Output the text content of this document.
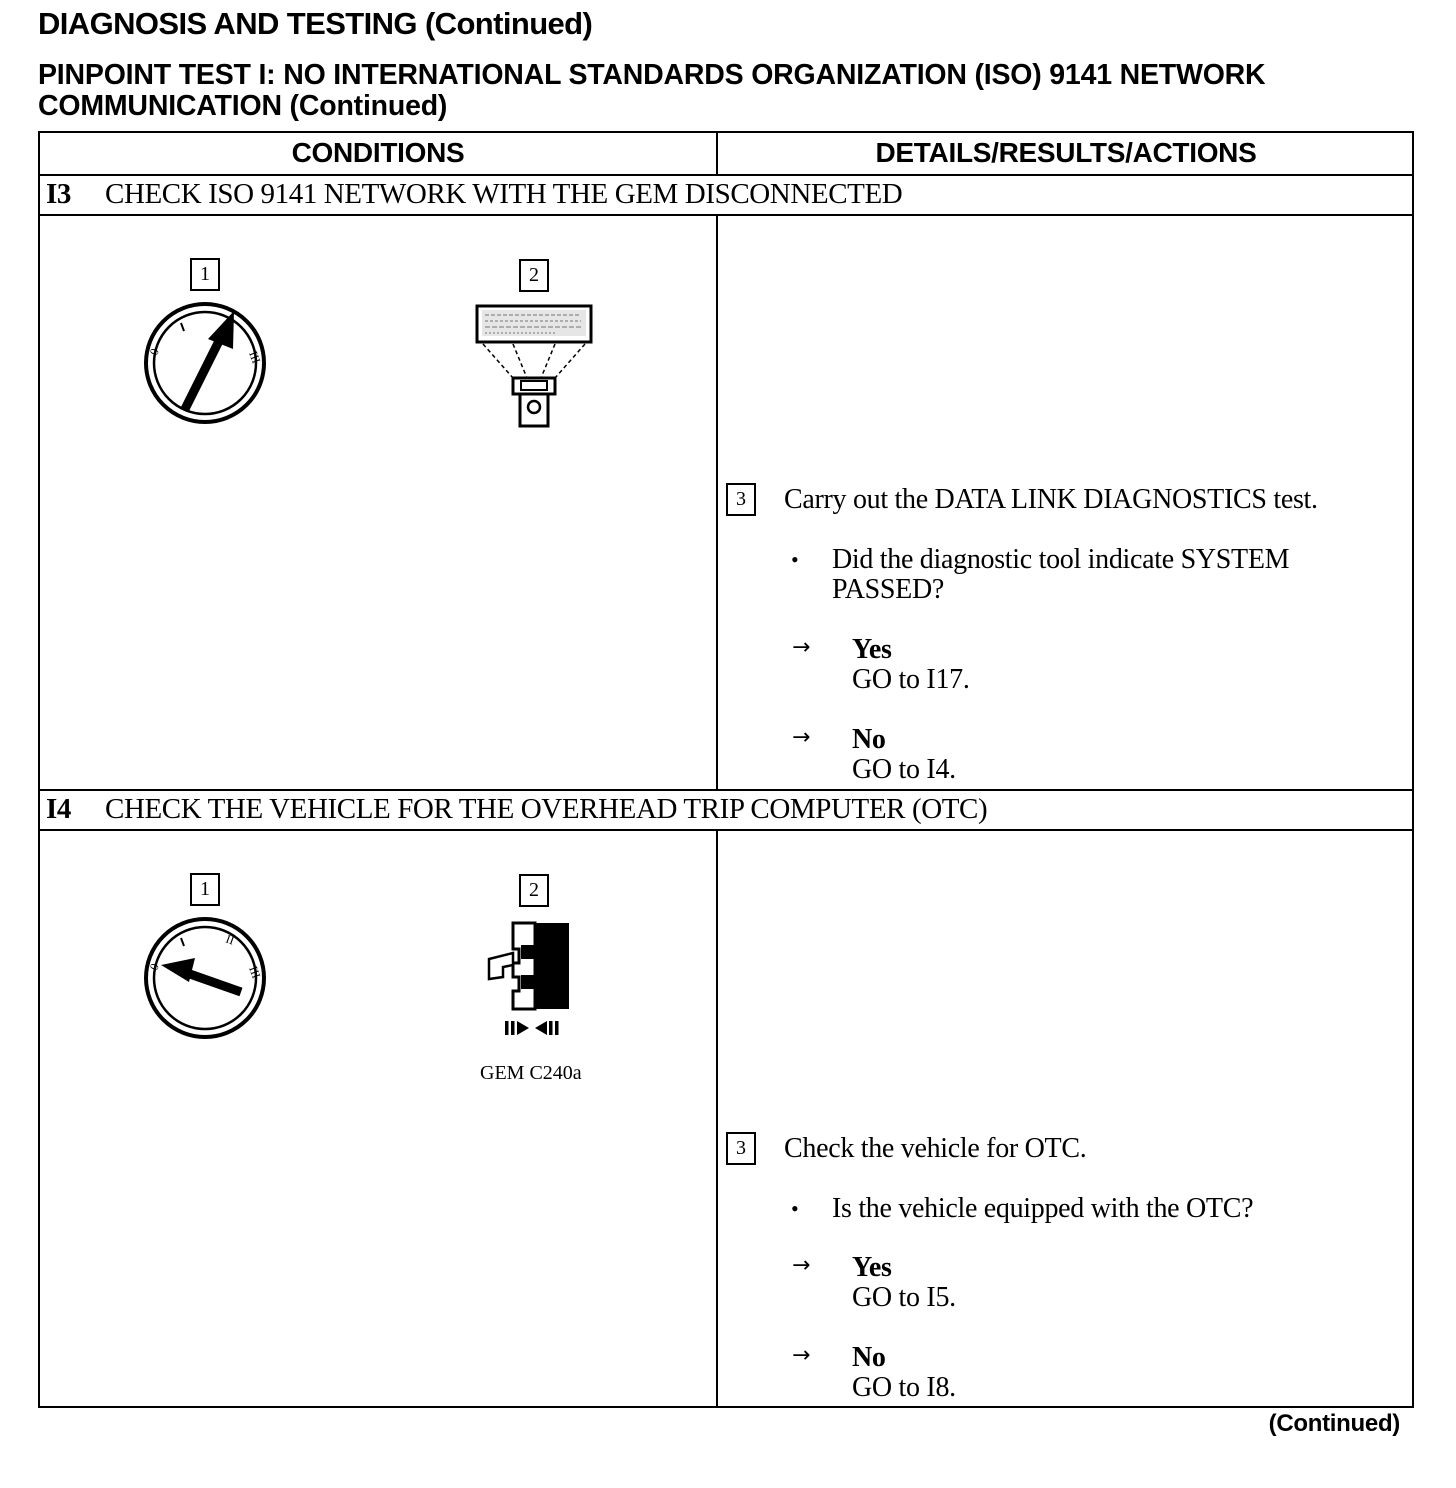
DIAGNOSIS AND TESTING (Continued)
PINPOINT TEST I: NO INTERNATIONAL STANDARDS ORGANIZATION (ISO) 9141 NETWORK COMMUNICATION (Continued)
CONDITIONS	DETAILS/RESULTS/ACTIONS
I3 CHECK ISO 9141 NETWORK WITH THE GEM DISCONNECTED
1
0	III
2
3	Carry out the DATA LINK DIAGNOSTICS test.
• Did the diagnostic tool indicate SYSTEM PASSED?
→ Yes
GO to I17.
→ No
GO to I4.
I4 CHECK THE VEHICLE FOR THE OVERHEAD TRIP COMPUTER (OTC)
1
0
II
III
2
GEM C240a
3	Check the vehicle for OTC.
• Is the vehicle equipped with the OTC?
→ Yes
GO to I5.
→ No
GO to I8.
(Continued)
